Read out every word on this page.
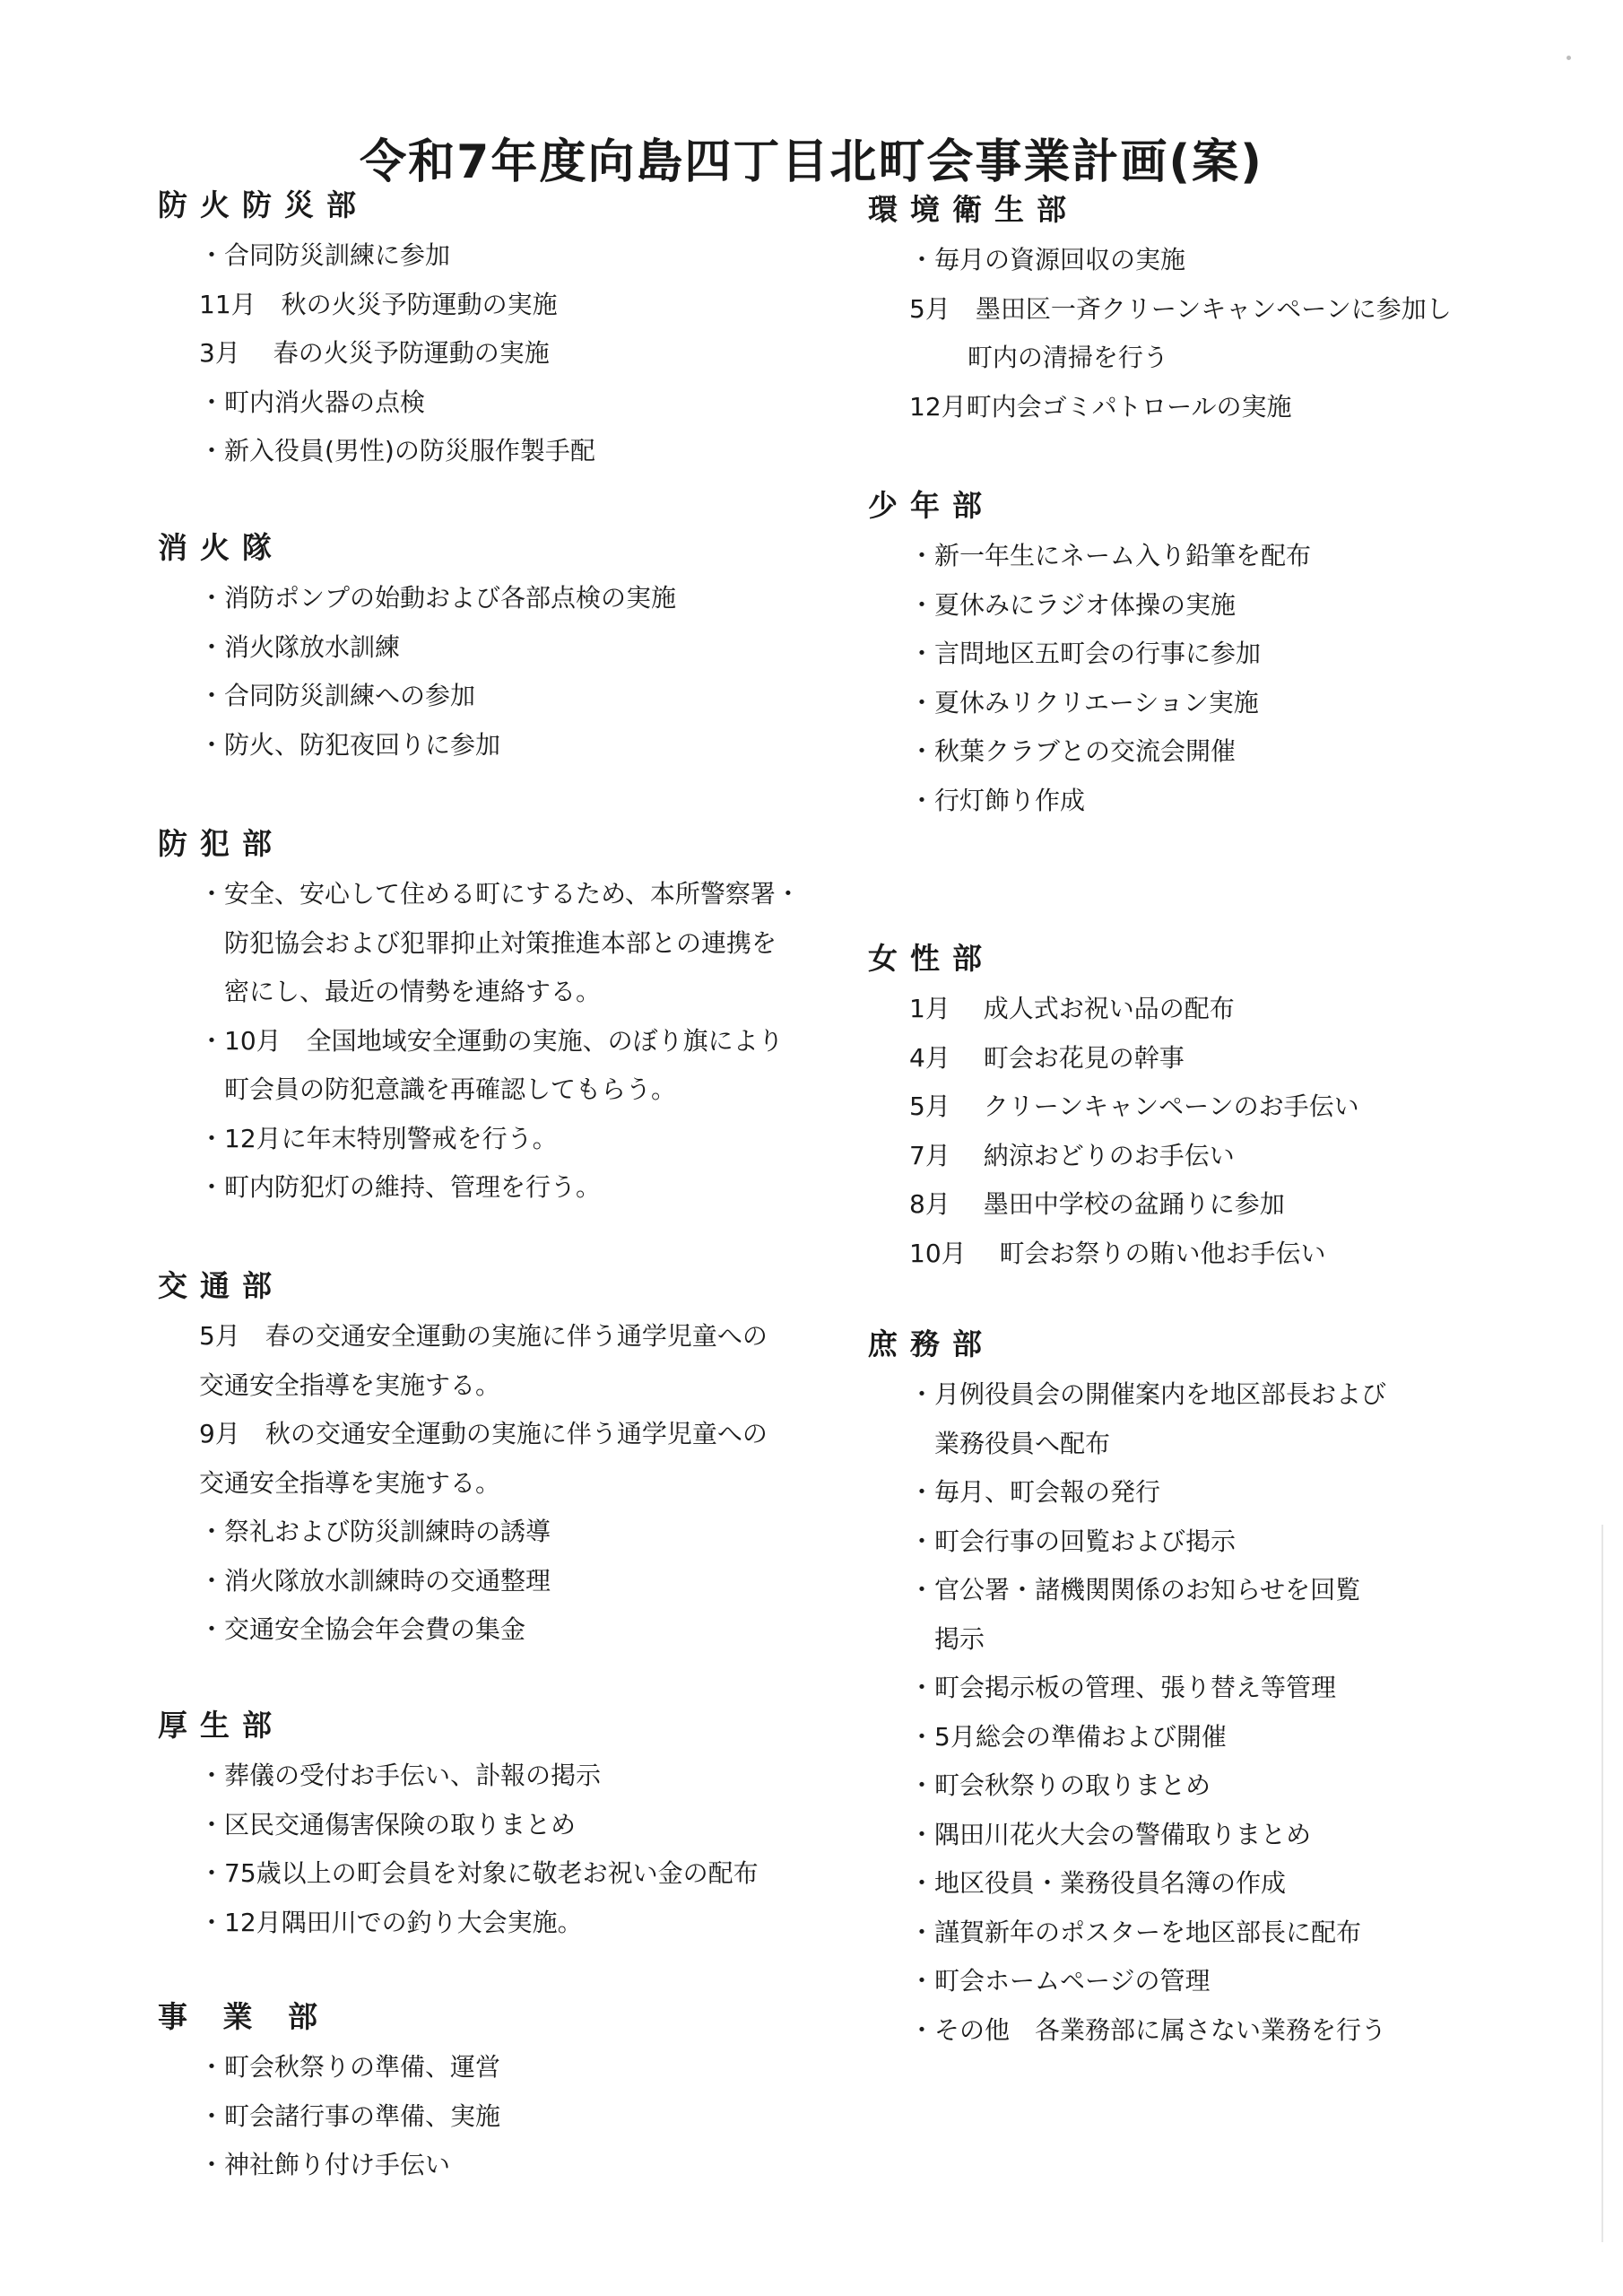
令和7年度向島四丁目北町会事業計画(案)
防火防災部
・合同防災訓練に参加
11月　秋の火災予防運動の実施
3月　 春の火災予防運動の実施
・町内消火器の点検
・新入役員(男性)の防災服作製手配
消火隊
・消防ポンプの始動および各部点検の実施
・消火隊放水訓練
・合同防災訓練への参加
・防火、防犯夜回りに参加
防犯部
・安全、安心して住める町にするため、本所警察署・
　防犯協会および犯罪抑止対策推進本部との連携を
　密にし、最近の情勢を連絡する。
・10月　全国地域安全運動の実施、のぼり旗により
　町会員の防犯意識を再確認してもらう。
・12月に年末特別警戒を行う。
・町内防犯灯の維持、管理を行う。
交通部
5月　春の交通安全運動の実施に伴う通学児童への
交通安全指導を実施する。
9月　秋の交通安全運動の実施に伴う通学児童への
交通安全指導を実施する。
・祭礼および防災訓練時の誘導
・消火隊放水訓練時の交通整理
・交通安全協会年会費の集金
厚生部
・葬儀の受付お手伝い、訃報の掲示
・区民交通傷害保険の取りまとめ
・75歳以上の町会員を対象に敬老お祝い金の配布
・12月隅田川での釣り大会実施。
事 業 部
・町会秋祭りの準備、運営
・町会諸行事の準備、実施
・神社飾り付け手伝い
環境衛生部
・毎月の資源回収の実施
5月　墨田区一斉クリーンキャンペーンに参加し
　　 町内の清掃を行う
12月町内会ゴミパトロールの実施
少年部
・新一年生にネーム入り鉛筆を配布
・夏休みにラジオ体操の実施
・言問地区五町会の行事に参加
・夏休みリクリエーション実施
・秋葉クラブとの交流会開催
・行灯飾り作成
女性部
1月　 成人式お祝い品の配布
4月　 町会お花見の幹事
5月　 クリーンキャンペーンのお手伝い
7月　 納涼おどりのお手伝い
8月　 墨田中学校の盆踊りに参加
10月　 町会お祭りの賄い他お手伝い
庶務部
・月例役員会の開催案内を地区部長および
　業務役員へ配布
・毎月、町会報の発行
・町会行事の回覧および掲示
・官公署・諸機関関係のお知らせを回覧
　掲示
・町会掲示板の管理、張り替え等管理
・5月総会の準備および開催
・町会秋祭りの取りまとめ
・隅田川花火大会の警備取りまとめ
・地区役員・業務役員名簿の作成
・謹賀新年のポスターを地区部長に配布
・町会ホームページの管理
・その他　各業務部に属さない業務を行う
